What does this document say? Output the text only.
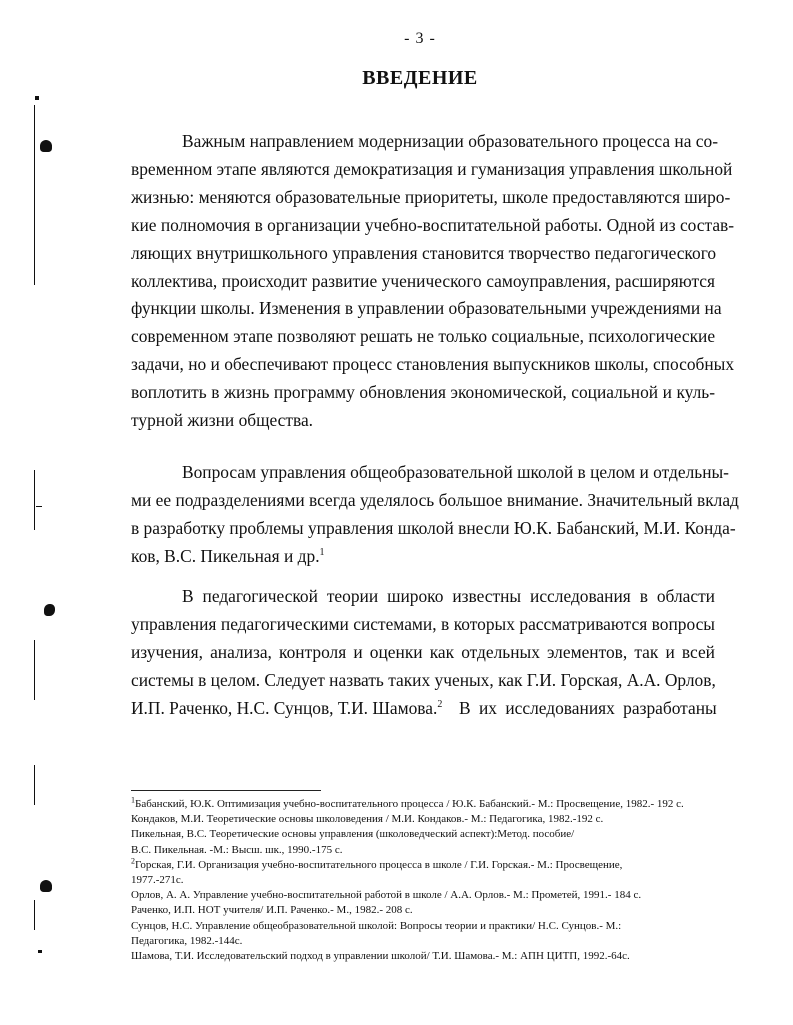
- 3 -
ВВЕДЕНИЕ
Важным направлением модернизации образовательного процесса на со-
временном этапе являются демократизация и гуманизация управления школьной
жизнью: меняются образовательные приоритеты, школе предоставляются широ-
кие полномочия в организации учебно-воспитательной работы. Одной из состав-
ляющих внутришкольного управления становится творчество педагогического
коллектива, происходит развитие ученического самоуправления, расширяются
функции школы. Изменения в управлении образовательными учреждениями на
современном этапе позволяют решать не только социальные, психологические
задачи, но и обеспечивают процесс становления выпускников школы, способных
воплотить в жизнь программу обновления экономической, социальной и куль-
турной жизни общества.
Вопросам управления общеобразовательной школой в целом и отдельны-
ми ее подразделениями всегда уделялось большое внимание. Значительный вклад
в разработку проблемы управления школой внесли Ю.К. Бабанский, М.И. Конда-
ков, В.С. Пикельная и др.$^1$
В педагогической теории широко известны исследования в области
управления педагогическими системами, в которых рассматриваются вопросы
изучения, анализа, контроля и оценки как отдельных элементов, так и всей
системы в целом. Следует назвать таких ученых, как Г.И. Горская, А.А. Орлов,
И.П. Раченко, Н.С. Сунцов, Т.И. Шамова.$^2$  В их исследованиях разработаны
$^1$Бабанский, Ю.К. Оптимизация учебно-воспитательного процесса / Ю.К. Бабанский.- М.: Просвещение, 1982.- 192 с.
Кондаков, М.И. Теоретические основы школоведения / М.И. Кондаков.- М.: Педагогика, 1982.-192 с.
Пикельная, В.С. Теоретические основы управления (школоведческий аспект):Метод. пособие/
В.С. Пикельная. -М.: Высш. шк., 1990.-175 с.
$^2$Горская, Г.И. Организация учебно-воспитательного процесса в школе / Г.И. Горская.- М.: Просвещение,
1977.-271с.
Орлов, А. А. Управление учебно-воспитательной работой в школе / А.А. Орлов.- М.: Прометей, 1991.- 184 с.
Раченко, И.П. НОТ учителя/ И.П. Раченко.- М., 1982.- 208 с.
Сунцов, Н.С. Управление общеобразовательной школой: Вопросы теории и практики/ Н.С. Сунцов.- М.:
Педагогика, 1982.-144с.
Шамова, Т.И. Исследовательский подход в управлении школой/ Т.И. Шамова.- М.: АПН ЦИТП, 1992.-64с.
